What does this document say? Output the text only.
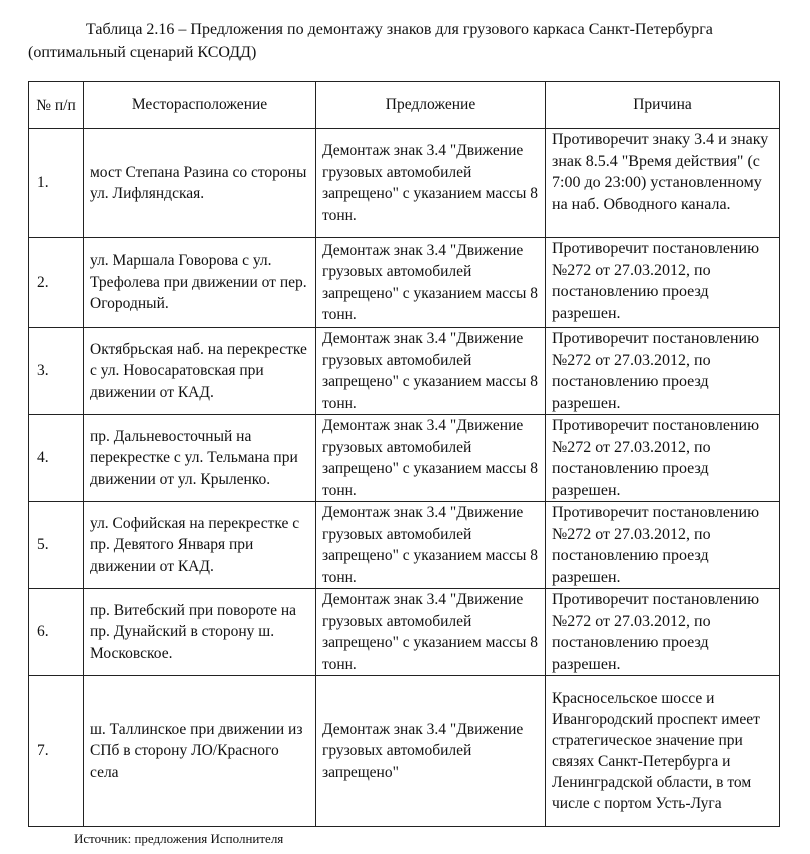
Таблица 2.16 – Предложения по демонтажу знаков для грузового каркаса Санкт-Петербурга (оптимальный сценарий КСОДД)
№ п/п	Месторасположение	Предложение	Причина
1.	мост Степана Разина со стороны ул. Лифляндская.	Демонтаж знак 3.4 "Движение грузовых автомобилей запрещено" с указанием массы 8 тонн.	Противоречит знаку 3.4 и знаку знак 8.5.4 "Время действия" (с 7:00 до 23:00) установленному на наб. Обводного канала.
2.	ул. Маршала Говорова с ул. Трефолева при движении от пер. Огородный.	Демонтаж знак 3.4 "Движение грузовых автомобилей запрещено" с указанием массы 8 тонн.	Противоречит постановлению №272 от 27.03.2012, по постановлению проезд разрешен.
3.	Октябрьская наб. на перекрестке с ул. Новосаратовская при движении от КАД.	Демонтаж знак 3.4 "Движение грузовых автомобилей запрещено" с указанием массы 8 тонн.	Противоречит постановлению №272 от 27.03.2012, по постановлению проезд разрешен.
4.	пр. Дальневосточный на перекрестке с ул. Тельмана при движении от ул. Крыленко.	Демонтаж знак 3.4 "Движение грузовых автомобилей запрещено" с указанием массы 8 тонн.	Противоречит постановлению №272 от 27.03.2012, по постановлению проезд разрешен.
5.	ул. Софийская на перекрестке с пр. Девятого Января при движении от КАД.	Демонтаж знак 3.4 "Движение грузовых автомобилей запрещено" с указанием массы 8 тонн.	Противоречит постановлению №272 от 27.03.2012, по постановлению проезд разрешен.
6.	пр. Витебский при повороте на пр. Дунайский в сторону ш. Московское.	Демонтаж знак 3.4 "Движение грузовых автомобилей запрещено" с указанием массы 8 тонн.	Противоречит постановлению №272 от 27.03.2012, по постановлению проезд разрешен.
7.	ш. Таллинское при движении из СПб в сторону ЛО/Красного села	Демонтаж знак 3.4 "Движение грузовых автомобилей запрещено"	Красносельское шоссе и Ивангородский проспект имеет стратегическое значение при связях Санкт-Петербурга и Ленинградской области, в том числе с портом Усть-Луга
Источник: предложения Исполнителя
